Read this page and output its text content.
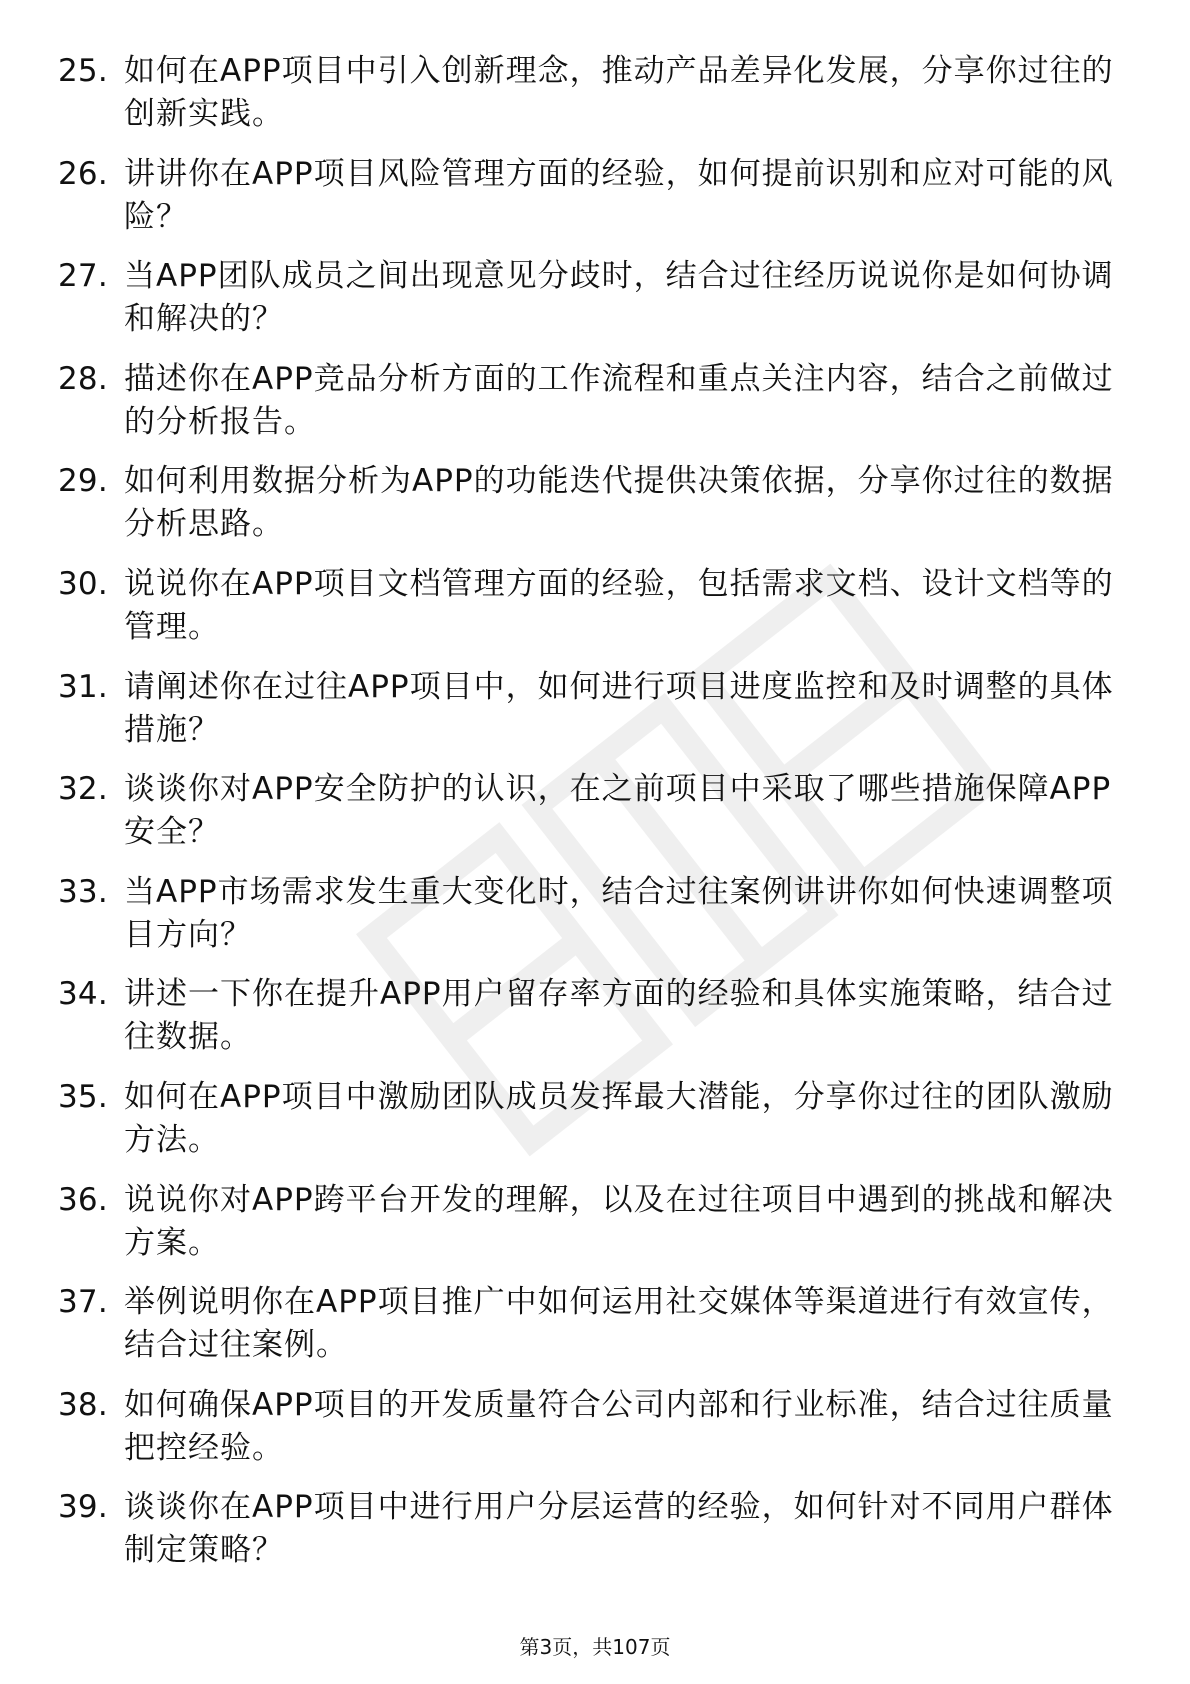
25. 如何在APP项目中引入创新理念，推动产品差异化发展，分享你过往的创新实践。
26. 讲讲你在APP项目风险管理方面的经验，如何提前识别和应对可能的风险？
27. 当APP团队成员之间出现意见分歧时，结合过往经历说说你是如何协调和解决的？
28. 描述你在APP竞品分析方面的工作流程和重点关注内容，结合之前做过的分析报告。
29. 如何利用数据分析为APP的功能迭代提供决策依据，分享你过往的数据分析思路。
30. 说说你在APP项目文档管理方面的经验，包括需求文档、设计文档等的管理。
31. 请阐述你在过往APP项目中，如何进行项目进度监控和及时调整的具体措施？
32. 谈谈你对APP安全防护的认识，在之前项目中采取了哪些措施保障APP安全？
33. 当APP市场需求发生重大变化时，结合过往案例讲讲你如何快速调整项目方向？
34. 讲述一下你在提升APP用户留存率方面的经验和具体实施策略，结合过往数据。
35. 如何在APP项目中激励团队成员发挥最大潜能，分享你过往的团队激励方法。
36. 说说你对APP跨平台开发的理解，以及在过往项目中遇到的挑战和解决方案。
37. 举例说明你在APP项目推广中如何运用社交媒体等渠道进行有效宣传，结合过往案例。
38. 如何确保APP项目的开发质量符合公司内部和行业标准，结合过往质量把控经验。
39. 谈谈你在APP项目中进行用户分层运营的经验，如何针对不同用户群体制定策略？
第3页，共107页
